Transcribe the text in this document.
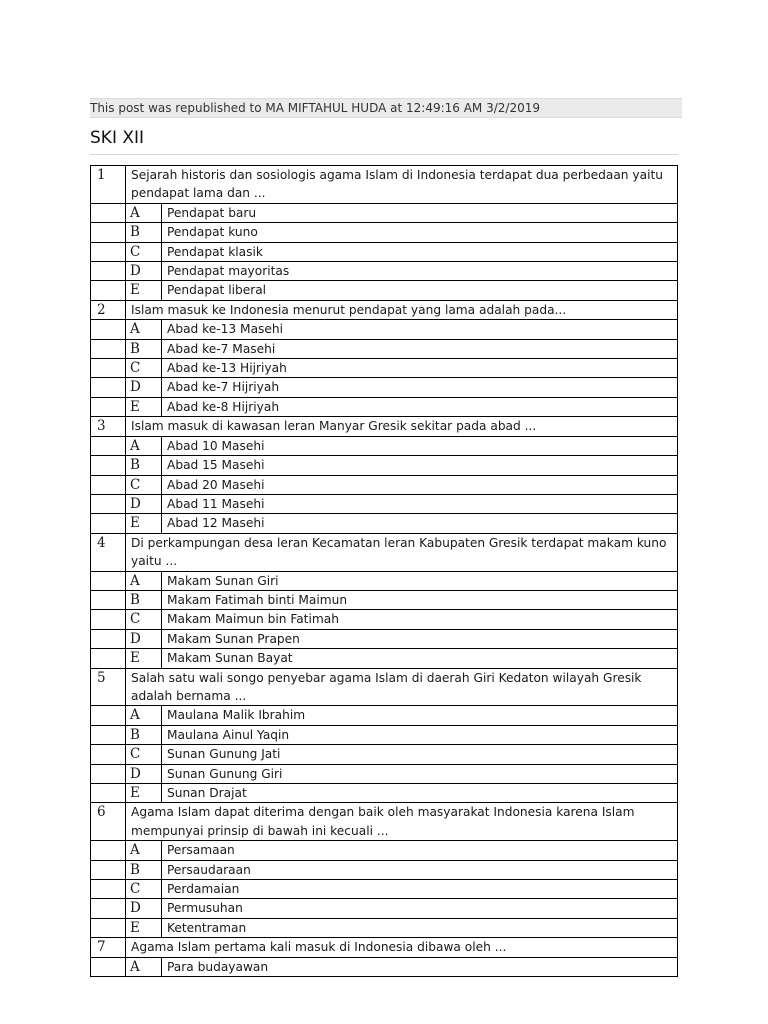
This post was republished to MA MIFTAHUL HUDA at 12:49:16 AM 3/2/2019
SKI XII
1	Sejarah historis dan sosiologis agama Islam di Indonesia terdapat dua perbedaan yaitu pendapat lama dan ...	
	A	Pendapat baru
	B	Pendapat kuno
	C	Pendapat klasik
	D	Pendapat mayoritas
	E	Pendapat liberal
2	Islam masuk ke Indonesia menurut pendapat yang lama adalah pada...	
	A	Abad ke-13 Masehi
	B	Abad ke-7 Masehi
	C	Abad ke-13 Hijriyah
	D	Abad ke-7 Hijriyah
	E	Abad ke-8 Hijriyah
3	Islam masuk di kawasan leran Manyar Gresik sekitar pada abad ...	
	A	Abad 10 Masehi
	B	Abad 15 Masehi
	C	Abad 20 Masehi
	D	Abad 11 Masehi
	E	Abad 12 Masehi
4	Di perkampungan desa leran Kecamatan leran Kabupaten Gresik terdapat makam kuno yaitu ...	
	A	Makam Sunan Giri
	B	Makam Fatimah binti Maimun
	C	Makam Maimun bin Fatimah
	D	Makam Sunan Prapen
	E	Makam Sunan Bayat
5	Salah satu wali songo penyebar agama Islam di daerah Giri Kedaton wilayah Gresik adalah bernama ...	
	A	Maulana Malik Ibrahim
	B	Maulana Ainul Yaqin
	C	Sunan Gunung Jati
	D	Sunan Gunung Giri
	E	Sunan Drajat
6	Agama Islam dapat diterima dengan baik oleh masyarakat Indonesia karena Islam mempunyai prinsip di bawah ini kecuali ...	
	A	Persamaan
	B	Persaudaraan
	C	Perdamaian
	D	Permusuhan
	E	Ketentraman
7	Agama Islam pertama kali masuk di Indonesia dibawa oleh ...	
	A	Para budayawan
